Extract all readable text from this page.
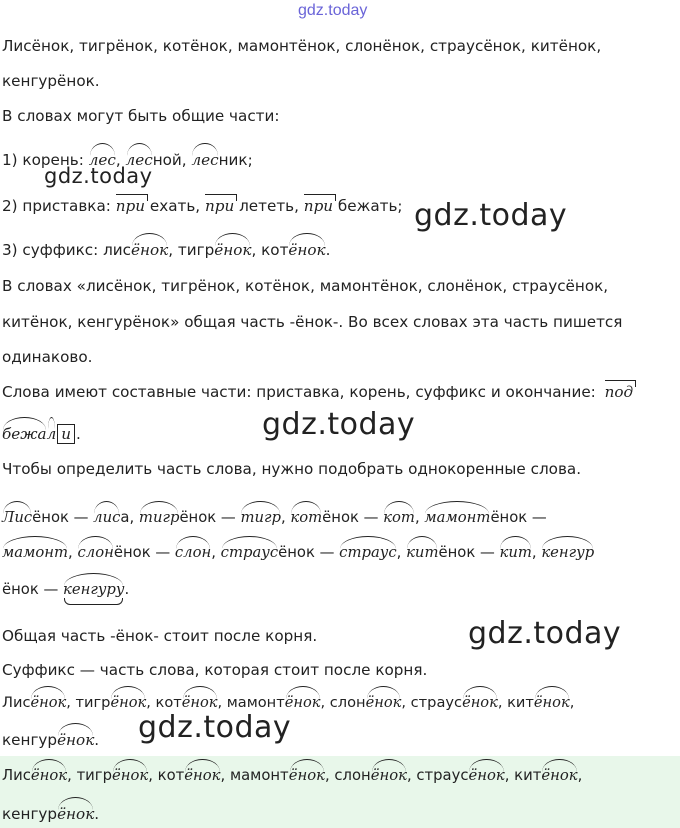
gdz.today
Лисёнок, тигрёнок, котёнок, мамонтёнок, слонёнок, страусёнок, китёнок,
кенгурёнок.
В словах могут быть общие части:
1) корень: лес, лесной, лесник;
gdz.today
2) приставка: при ехать, при лететь, при бежать; gdz.today
3) суффикс: лисёнок, тигрёнок, котёнок.
В словах «лисёнок, тигрёнок, котёнок, мамонтёнок, слонёнок, страусёнок,
китёнок, кенгурёнок» общая часть -ёнок-. Во всех словах эта часть пишется
одинаково.
Слова имеют составные части: приставка, корень, суффикс и окончание: под
бежал и .	gdz.today
Чтобы определить часть слова, нужно подобрать однокоренные слова.
Лисёнок — лиса, тигрёнок — тигр, котёнок — кот, мамонтёнок —
мамонт, слонёнок — слон, страусёнок — страус, китёнок — кит, кенгур
ёнок — кенгуру.
Общая часть -ёнок- стоит после корня.	gdz.today
Суффикс — часть слова, которая стоит после корня.
Лисёнок, тигрёнок, котёнок, мамонтёнок, слонёнок, страусёнок, китёнок,
кенгурёнок. gdz.today
Лисёнок, тигрёнок, котёнок, мамонтёнок, слонёнок, страусёнок, китёнок,
кенгурёнок.
